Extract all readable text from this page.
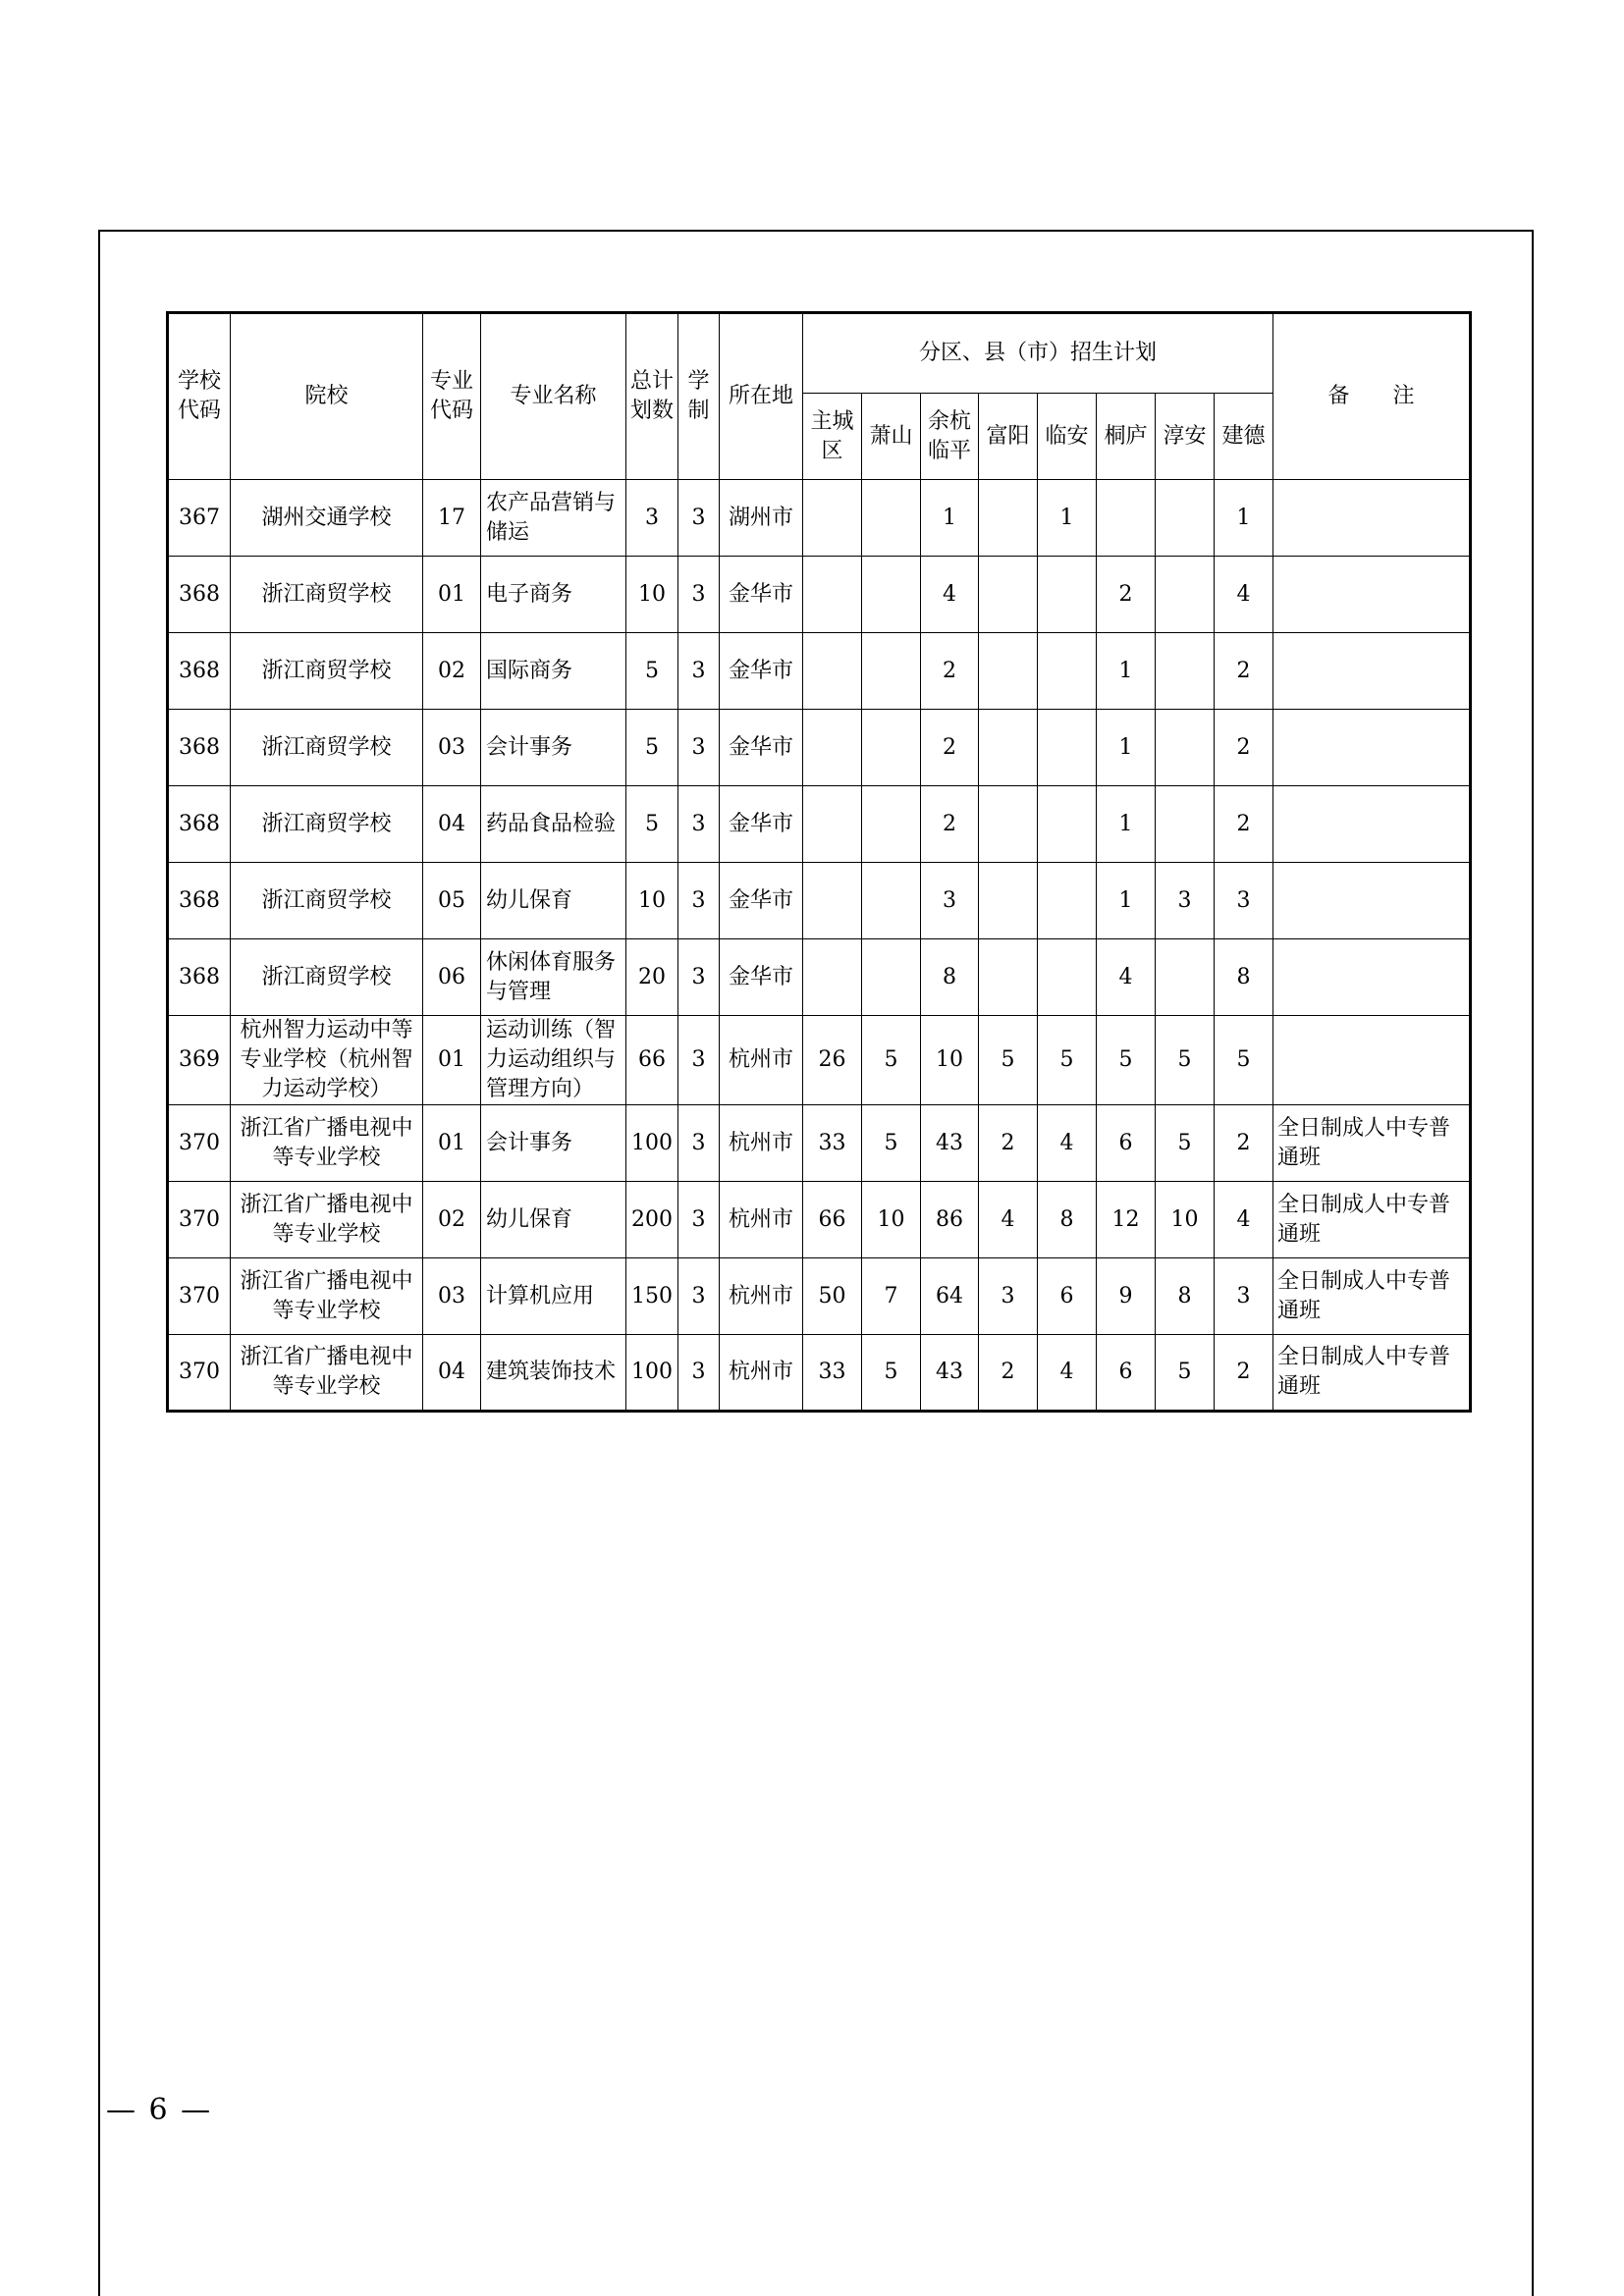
学校代码	院校	专业代码	专业名称	总计划数	学制	所在地	分区、县（市）招生计划								备　　注
							主城区	萧山	余杭临平	富阳	临安	桐庐	淳安	建德	
367	湖州交通学校	17	农产品营销与储运	3	3	湖州市			1		1			1	
368	浙江商贸学校	01	电子商务	10	3	金华市			4			2		4	
368	浙江商贸学校	02	国际商务	5	3	金华市			2			1		2	
368	浙江商贸学校	03	会计事务	5	3	金华市			2			1		2	
368	浙江商贸学校	04	药品食品检验	5	3	金华市			2			1		2	
368	浙江商贸学校	05	幼儿保育	10	3	金华市			3			1	3	3	
368	浙江商贸学校	06	休闲体育服务与管理	20	3	金华市			8			4		8	
369	杭州智力运动中等专业学校（杭州智力运动学校）	01	运动训练（智力运动组织与管理方向）	66	3	杭州市	26	5	10	5	5	5	5	5	
370	浙江省广播电视中等专业学校	01	会计事务	100	3	杭州市	33	5	43	2	4	6	5	2	全日制成人中专普通班
370	浙江省广播电视中等专业学校	02	幼儿保育	200	3	杭州市	66	10	86	4	8	12	10	4	全日制成人中专普通班
370	浙江省广播电视中等专业学校	03	计算机应用	150	3	杭州市	50	7	64	3	6	9	8	3	全日制成人中专普通班
370	浙江省广播电视中等专业学校	04	建筑装饰技术	100	3	杭州市	33	5	43	2	4	6	5	2	全日制成人中专普通班
— 6 —
